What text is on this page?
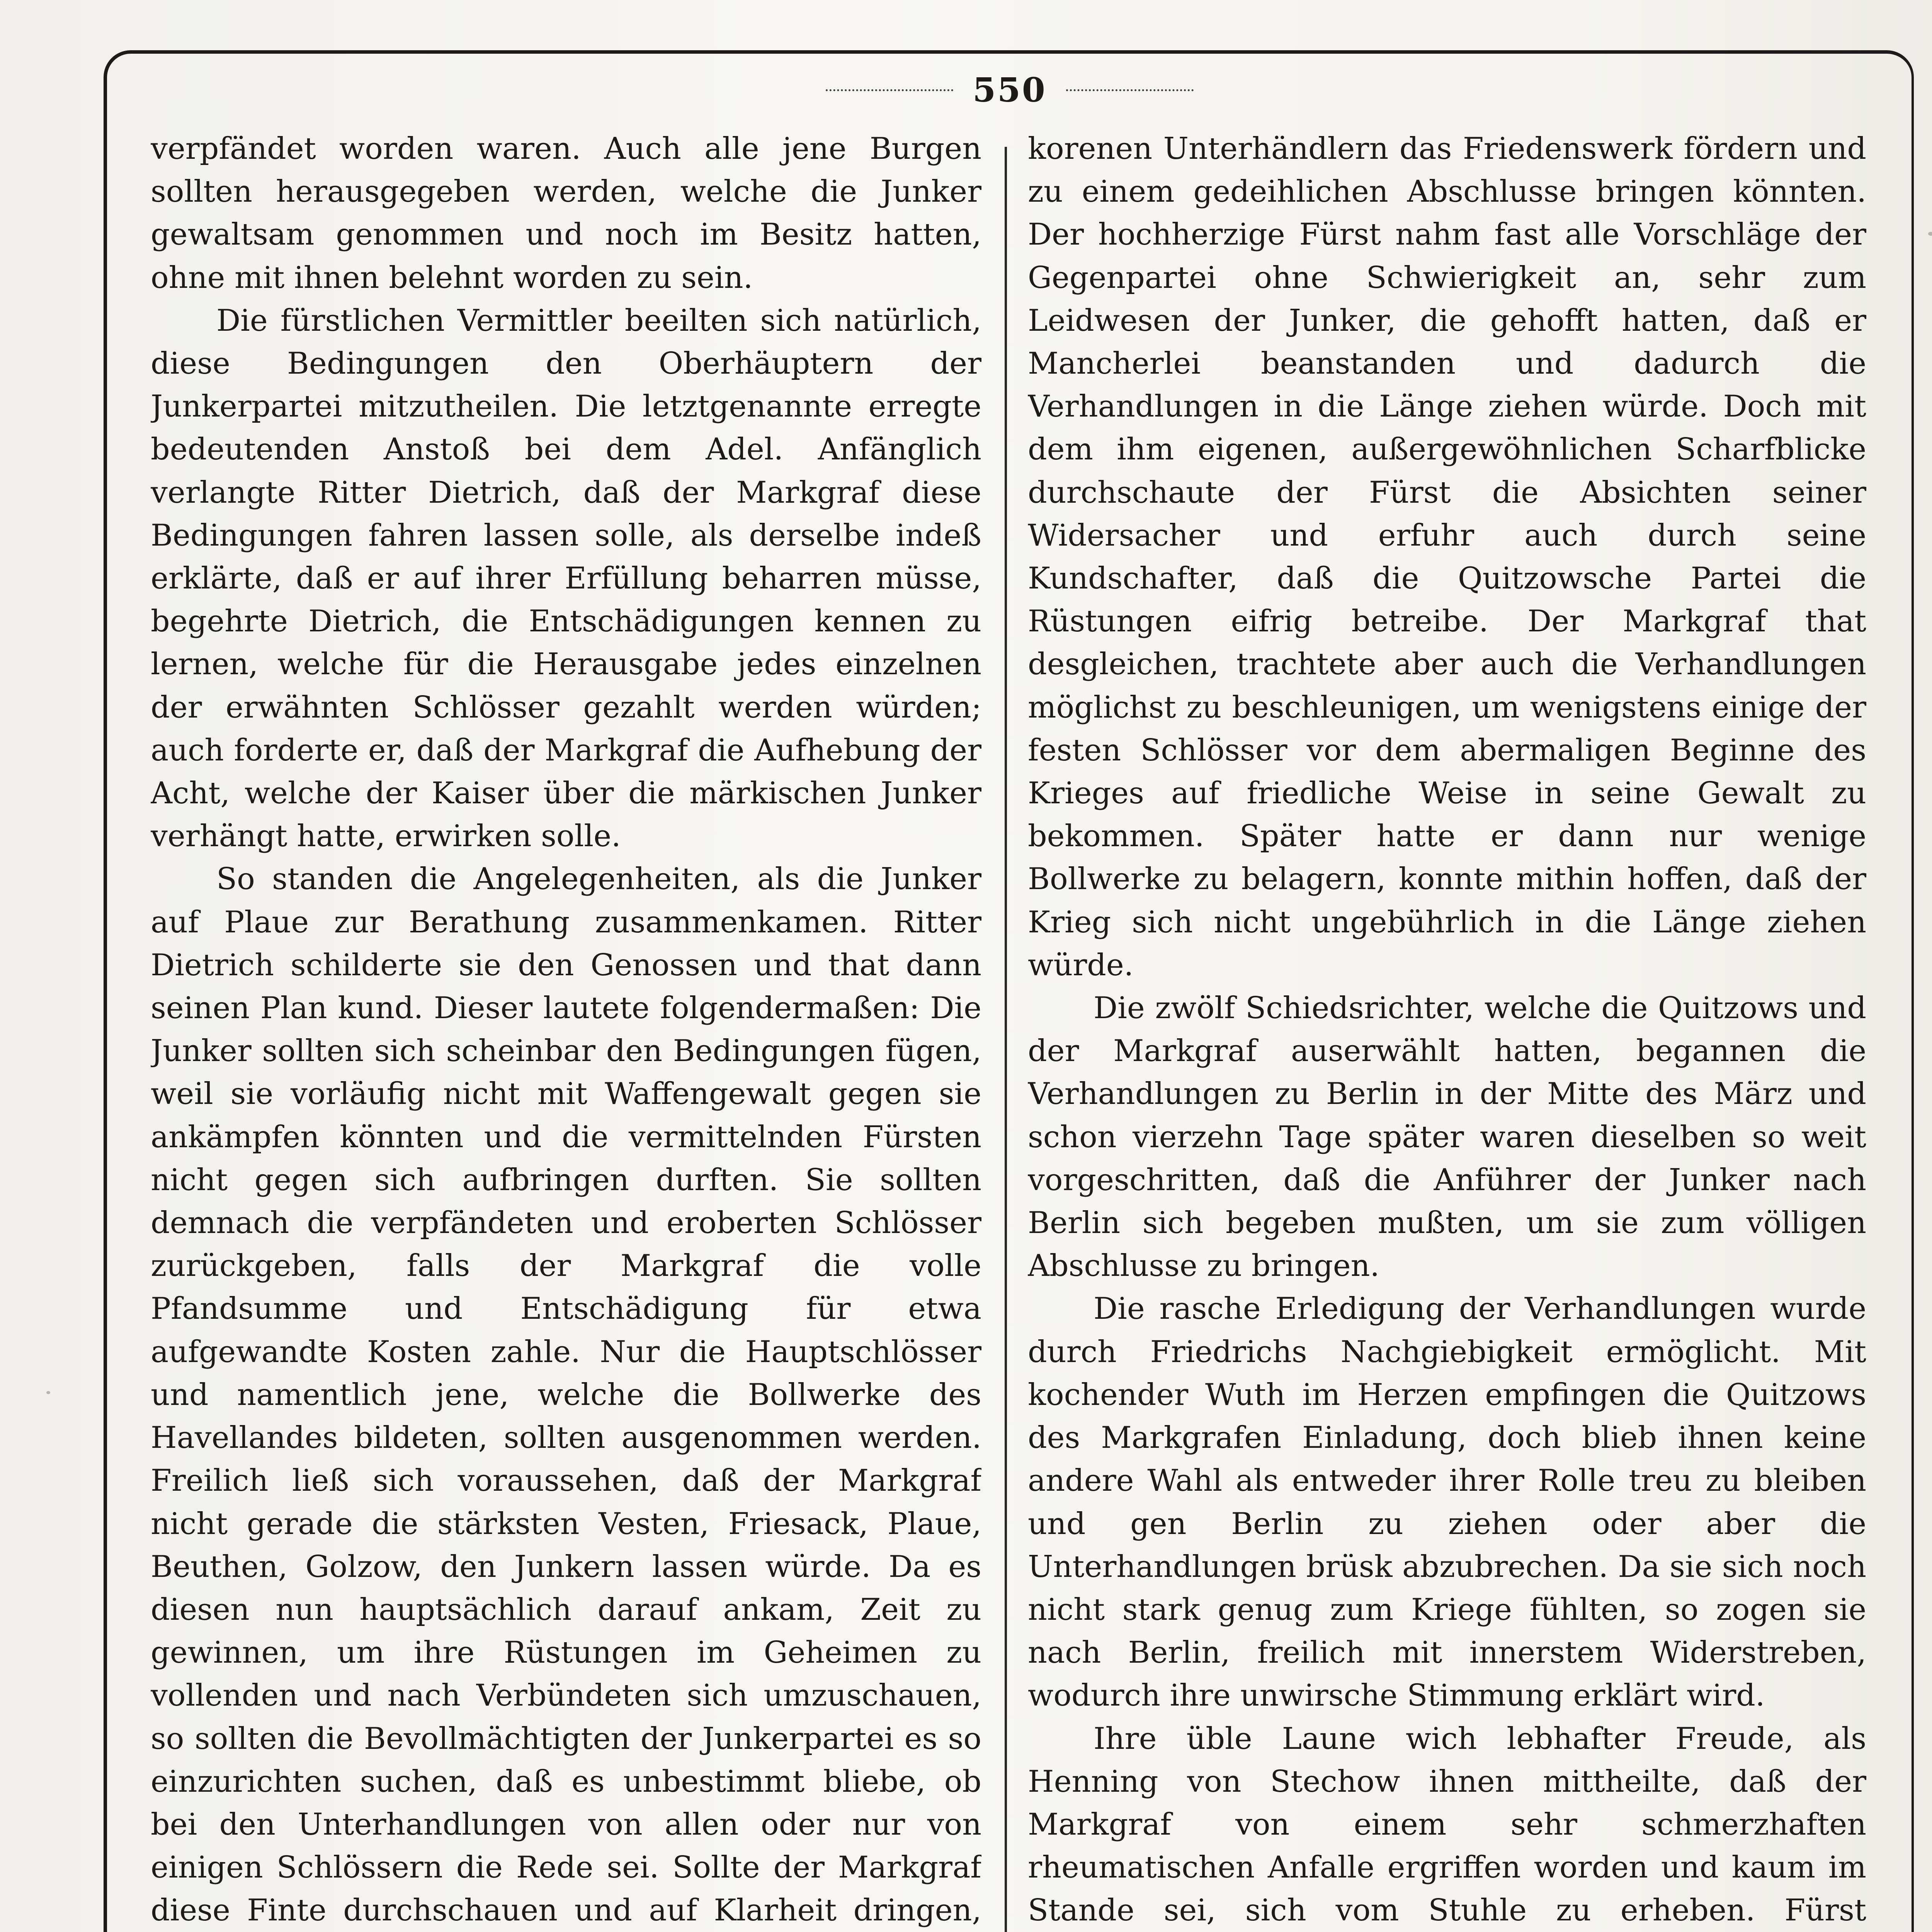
550

verpfändet worden waren. Auch alle jene Burgen sollten herausgegeben werden, welche die Junker gewaltsam genommen und noch im Besitz hatten, ohne mit ihnen belehnt worden zu sein.

Die fürstlichen Vermittler beeilten sich natürlich, diese Bedingungen den Oberhäuptern der Junkerpartei mitzutheilen. Die letztgenannte erregte bedeutenden Anstoß bei dem Adel. Anfänglich verlangte Ritter Dietrich, daß der Markgraf diese Bedingungen fahren lassen solle, als derselbe indeß erklärte, daß er auf ihrer Erfüllung beharren müsse, begehrte Dietrich, die Entschädigungen kennen zu lernen, welche für die Herausgabe jedes einzelnen der erwähnten Schlösser gezahlt werden würden; auch forderte er, daß der Markgraf die Aufhebung der Acht, welche der Kaiser über die märkischen Junker verhängt hatte, erwirken solle.

So standen die Angelegenheiten, als die Junker auf Plaue zur Berathung zusammenkamen. Ritter Dietrich schilderte sie den Genossen und that dann seinen Plan kund. Dieser lautete folgendermaßen: Die Junker sollten sich scheinbar den Bedingungen fügen, weil sie vorläufig nicht mit Waffengewalt gegen sie ankämpfen könnten und die vermittelnden Fürsten nicht gegen sich aufbringen durften. Sie sollten demnach die verpfändeten und eroberten Schlösser zurückgeben, falls der Markgraf die volle Pfandsumme und Entschädigung für etwa aufgewandte Kosten zahle. Nur die Hauptschlösser und namentlich jene, welche die Bollwerke des Havellandes bildeten, sollten ausgenommen werden. Freilich ließ sich voraussehen, daß der Markgraf nicht gerade die stärksten Vesten, Friesack, Plaue, Beuthen, Golzow, den Junkern lassen würde. Da es diesen nun hauptsächlich darauf ankam, Zeit zu gewinnen, um ihre Rüstungen im Geheimen zu vollenden und nach Verbündeten sich umzuschauen, so sollten die Bevollmächtigten der Junkerpartei es so einzurichten suchen, daß es unbestimmt bliebe, ob bei den Unterhandlungen von allen oder nur von einigen Schlössern die Rede sei. Sollte der Markgraf diese Finte durchschauen und auf Klarheit dringen,

korenen Unterhändlern das Friedenswerk fördern und zu einem gedeihlichen Abschlusse bringen könnten. Der hochherzige Fürst nahm fast alle Vorschläge der Gegenpartei ohne Schwierigkeit an, sehr zum Leidwesen der Junker, die gehofft hatten, daß er Mancherlei beanstanden und dadurch die Verhandlungen in die Länge ziehen würde. Doch mit dem ihm eigenen, außergewöhnlichen Scharfblicke durchschaute der Fürst die Absichten seiner Widersacher und erfuhr auch durch seine Kundschafter, daß die Quitzowsche Partei die Rüstungen eifrig betreibe. Der Markgraf that desgleichen, trachtete aber auch die Verhandlungen möglichst zu beschleunigen, um wenigstens einige der festen Schlösser vor dem abermaligen Beginne des Krieges auf friedliche Weise in seine Gewalt zu bekommen. Später hatte er dann nur wenige Bollwerke zu belagern, konnte mithin hoffen, daß der Krieg sich nicht ungebührlich in die Länge ziehen würde.

Die zwölf Schiedsrichter, welche die Quitzows und der Markgraf auserwählt hatten, begannen die Verhandlungen zu Berlin in der Mitte des März und schon vierzehn Tage später waren dieselben so weit vorgeschritten, daß die Anführer der Junker nach Berlin sich begeben mußten, um sie zum völligen Abschlusse zu bringen.

Die rasche Erledigung der Verhandlungen wurde durch Friedrichs Nachgiebigkeit ermöglicht. Mit kochender Wuth im Herzen empfingen die Quitzows des Markgrafen Einladung, doch blieb ihnen keine andere Wahl als entweder ihrer Rolle treu zu bleiben und gen Berlin zu ziehen oder aber die Unterhandlungen brüsk abzubrechen. Da sie sich noch nicht stark genug zum Kriege fühlten, so zogen sie nach Berlin, freilich mit innerstem Widerstreben, wodurch ihre unwirsche Stimmung erklärt wird.

Ihre üble Laune wich lebhafter Freude, als Henning von Stechow ihnen mittheilte, daß der Markgraf von einem sehr schmerzhaften rheumatischen Anfalle ergriffen worden und kaum im Stande sei, sich vom Stuhle zu erheben. Fürst
